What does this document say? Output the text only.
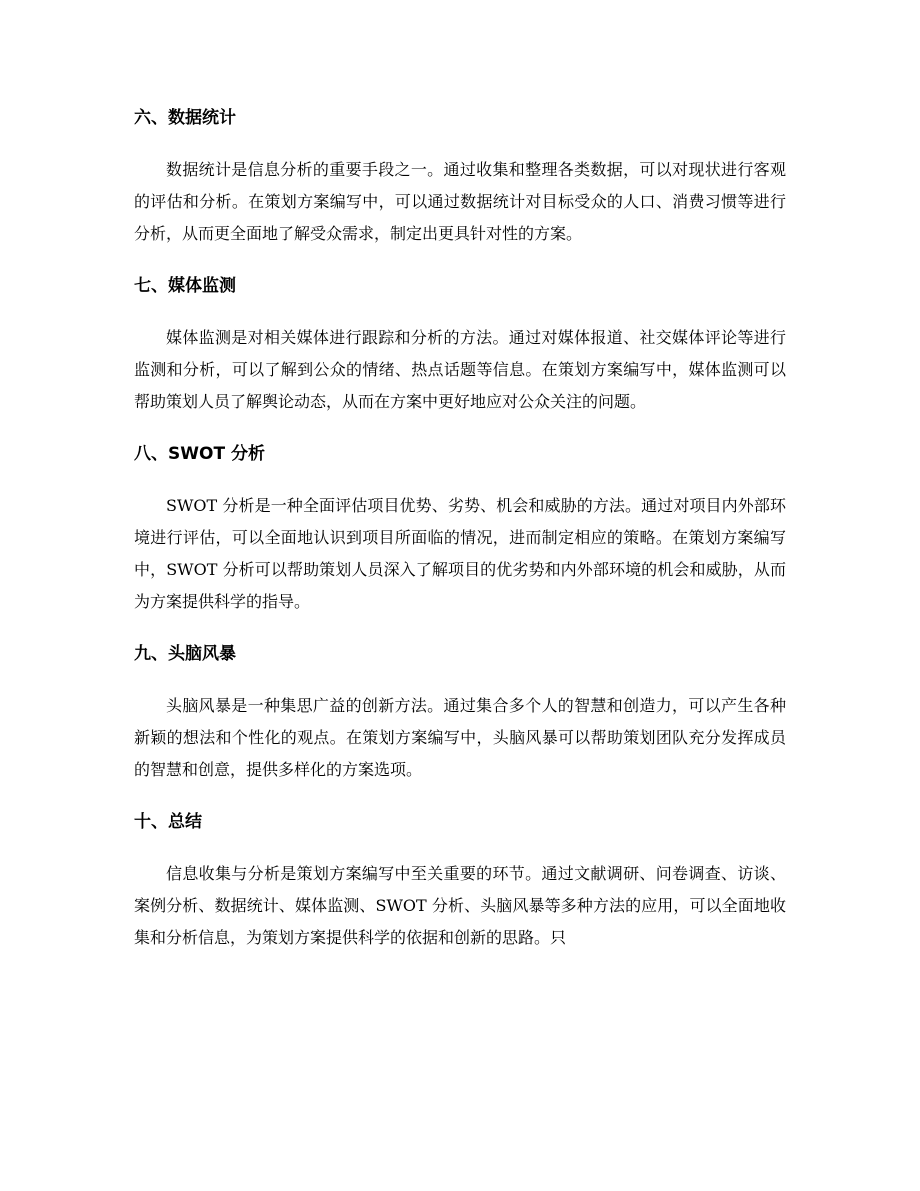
六、数据统计

数据统计是信息分析的重要手段之一。通过收集和整理各类数据，可以对现状进行客观的评估和分析。在策划方案编写中，可以通过数据统计对目标受众的人口、消费习惯等进行分析，从而更全面地了解受众需求，制定出更具针对性的方案。

七、媒体监测

媒体监测是对相关媒体进行跟踪和分析的方法。通过对媒体报道、社交媒体评论等进行监测和分析，可以了解到公众的情绪、热点话题等信息。在策划方案编写中，媒体监测可以帮助策划人员了解舆论动态，从而在方案中更好地应对公众关注的问题。

八、SWOT 分析

SWOT 分析是一种全面评估项目优势、劣势、机会和威胁的方法。通过对项目内外部环境进行评估，可以全面地认识到项目所面临的情况，进而制定相应的策略。在策划方案编写中，SWOT 分析可以帮助策划人员深入了解项目的优劣势和内外部环境的机会和威胁，从而为方案提供科学的指导。

九、头脑风暴

头脑风暴是一种集思广益的创新方法。通过集合多个人的智慧和创造力，可以产生各种新颖的想法和个性化的观点。在策划方案编写中，头脑风暴可以帮助策划团队充分发挥成员的智慧和创意，提供多样化的方案选项。

十、总结

信息收集与分析是策划方案编写中至关重要的环节。通过文献调研、问卷调查、访谈、案例分析、数据统计、媒体监测、SWOT 分析、头脑风暴等多种方法的应用，可以全面地收集和分析信息，为策划方案提供科学的依据和创新的思路。只
